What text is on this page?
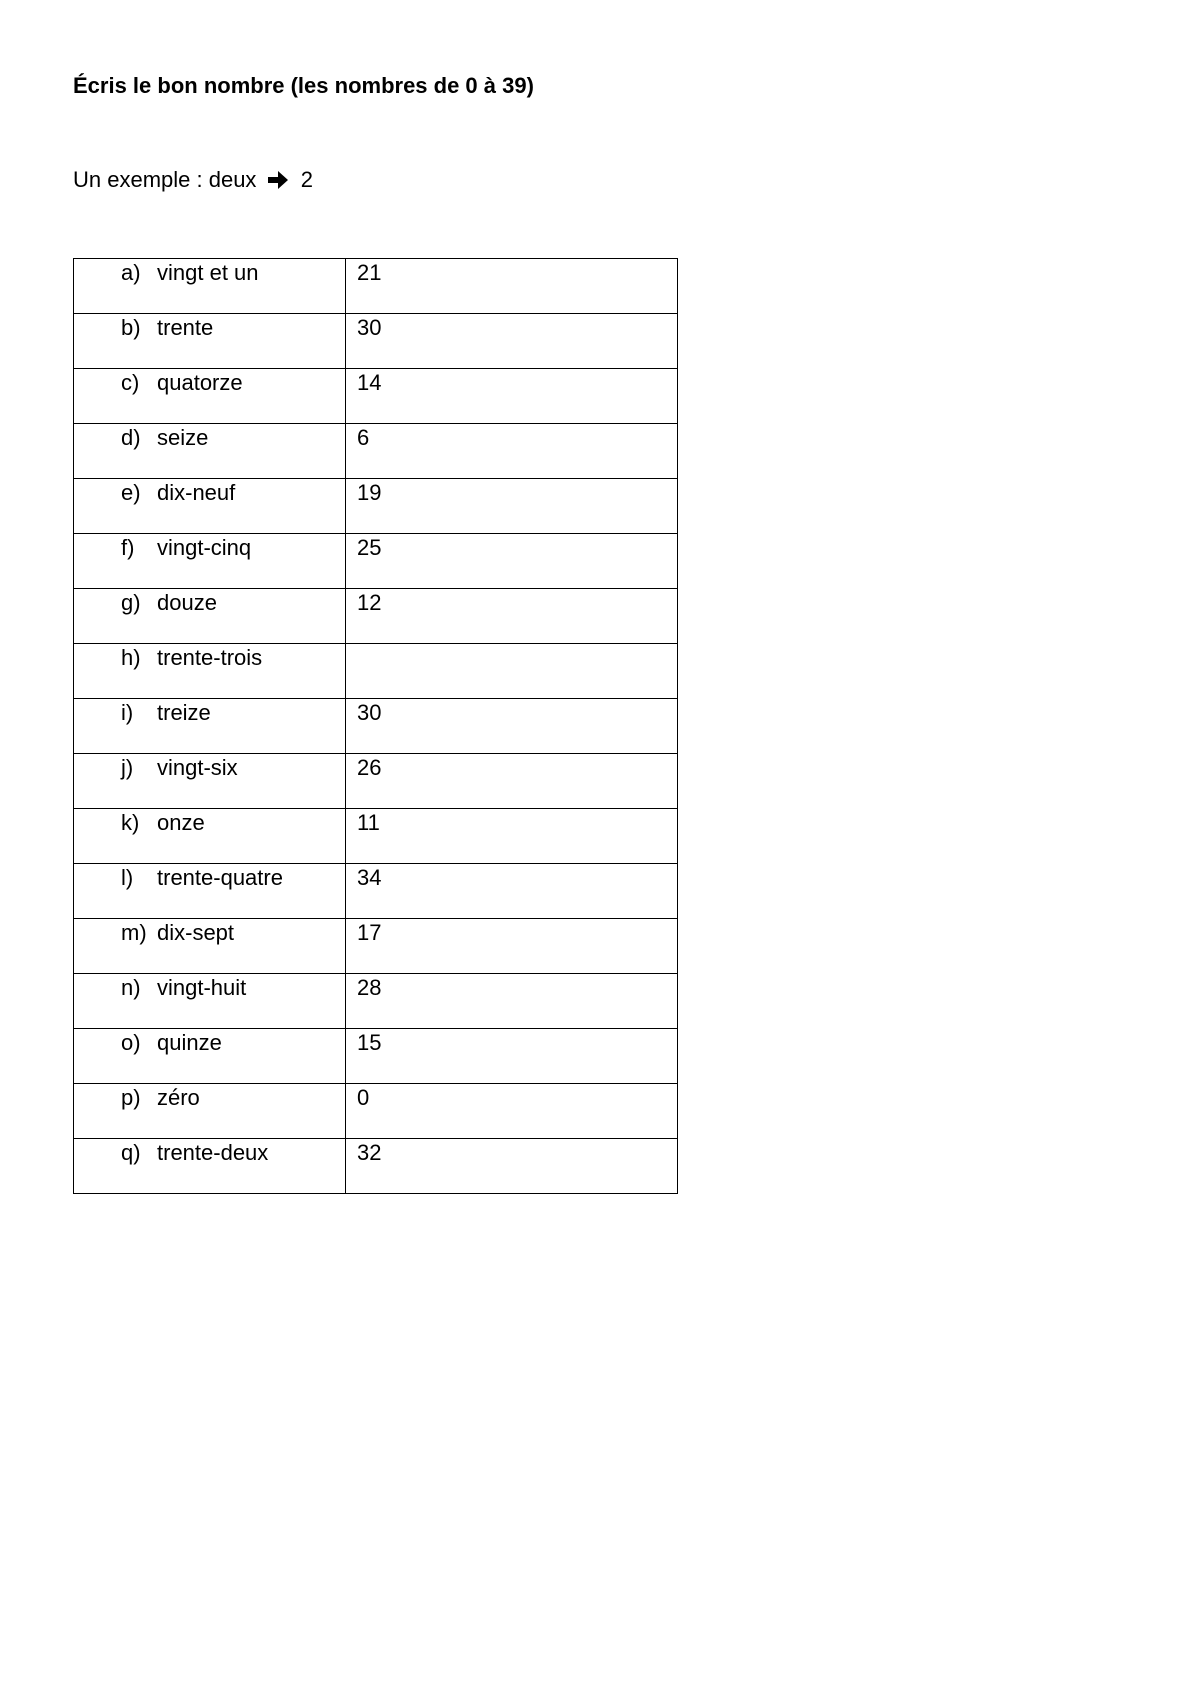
Écris le bon nombre (les nombres de 0 à 39)
Un exemple : deux 2
a) vingt et un	21
b) trente	30
c) quatorze	14
d) seize	6
e) dix-neuf	19
f) vingt-cinq	25
g) douze	12
h) trente-trois	
i) treize	30
j) vingt-six	26
k) onze	11
l) trente-quatre	34
m) dix-sept	17
n) vingt-huit	28
o) quinze	15
p) zéro	0
q) trente-deux	32
